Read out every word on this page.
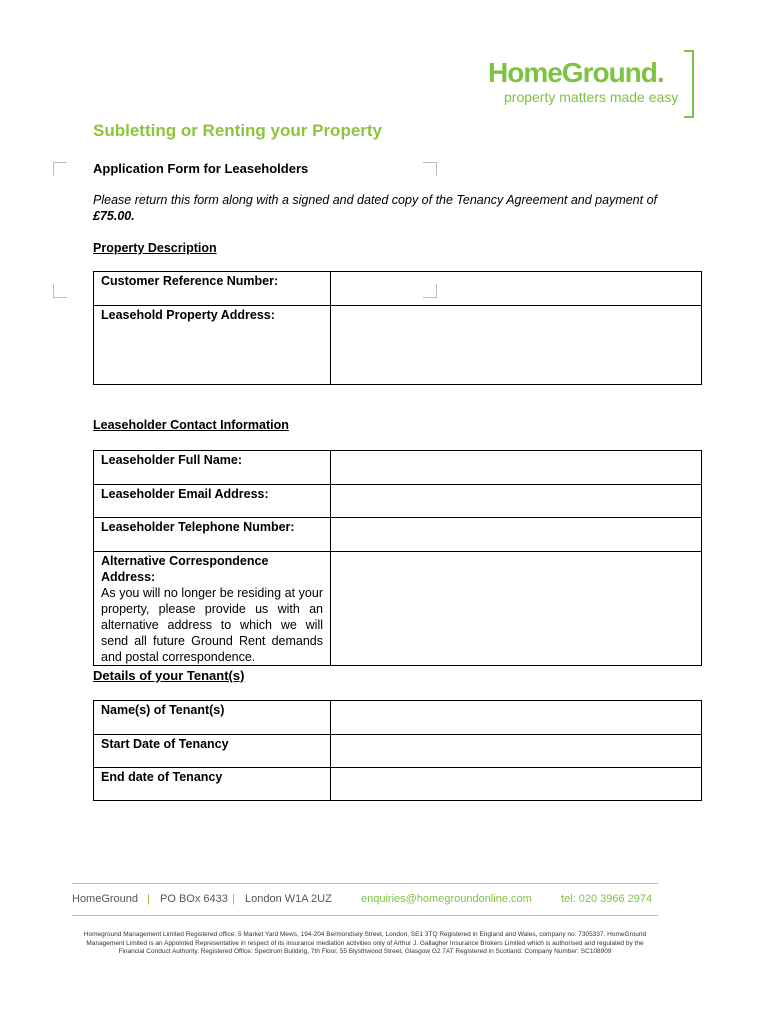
HomeGround.
property matters made easy
Subletting or Renting your Property
Application Form for Leaseholders
Please return this form along with a signed and dated copy of the Tenancy Agreement and payment of £75.00.
Property Description
Customer Reference Number:	

Leasehold Property Address:	

Leaseholder Contact Information
Leaseholder Full Name:	

Leaseholder Email Address:	

Leaseholder Telephone Number:	

Alternative Correspondence Address:
As you will no longer be residing at your property, please provide us with an alternative address to which we will send all future Ground Rent demands and postal correspondence.	

Details of your Tenant(s)
Name(s) of Tenant(s)	

Start Date of Tenancy	

End date of Tenancy	

HomeGround | PO BOx 6433 | London W1A 2UZ	enquiries@homegroundonline.com	tel: 020 3966 2974
Homeground Management Limited Registered office: 5 Market Yard Mews, 194-204 Bermondsey Street, London, SE1 3TQ Registered in England and Wales, company no: 7305337. HomeGround Management Limited is an Appointed Representative in respect of its insurance mediation activities only of Arthur J. Gallagher Insurance Brokers Limited which is authorised and regulated by the Financial Conduct Authority. Registered Office: Spectrum Building, 7th Floor, 55 Blysthwood Street, Glasgow G2 7AT Registered in Scotland. Company Number: SC108909
